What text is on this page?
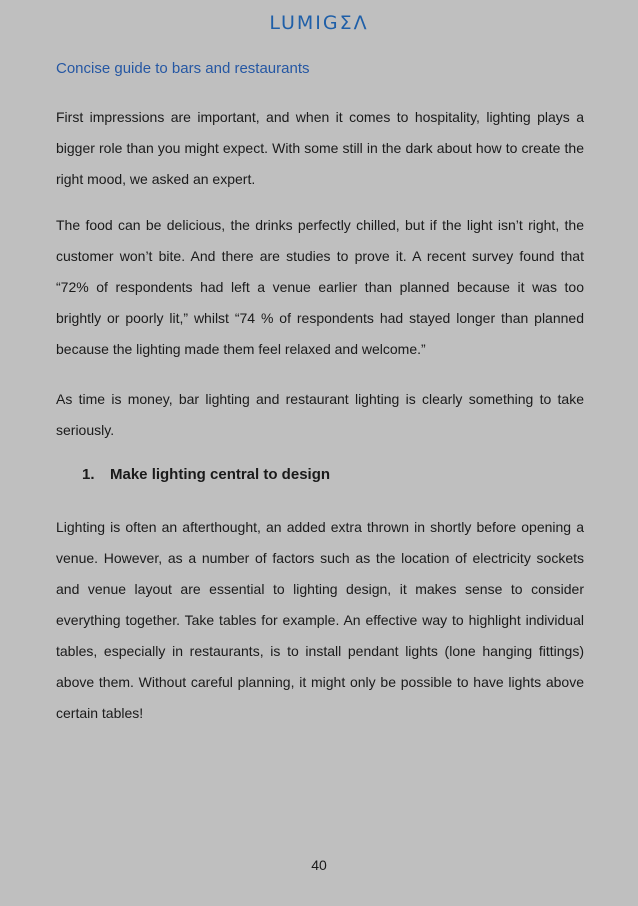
LUMIGΣΛ
Concise guide to bars and restaurants

First impressions are important, and when it comes to hospitality, lighting plays a bigger role than you might expect. With some still in the dark about how to create the right mood, we asked an expert.

The food can be delicious, the drinks perfectly chilled, but if the light isn’t right, the customer won’t bite. And there are studies to prove it. A recent survey found that “72% of respondents had left a venue earlier than planned because it was too brightly or poorly lit,” whilst “74 % of respondents had stayed longer than planned because the lighting made them feel relaxed and welcome.”

As time is money, bar lighting and restaurant lighting is clearly something to take seriously.

1. Make lighting central to design

Lighting is often an afterthought, an added extra thrown in shortly before opening a venue. However, as a number of factors such as the location of electricity sockets and venue layout are essential to lighting design, it makes sense to consider everything together. Take tables for example. An effective way to highlight individual tables, especially in restaurants, is to install pendant lights (lone hanging fittings) above them. Without careful planning, it might only be possible to have lights above certain tables!

40
